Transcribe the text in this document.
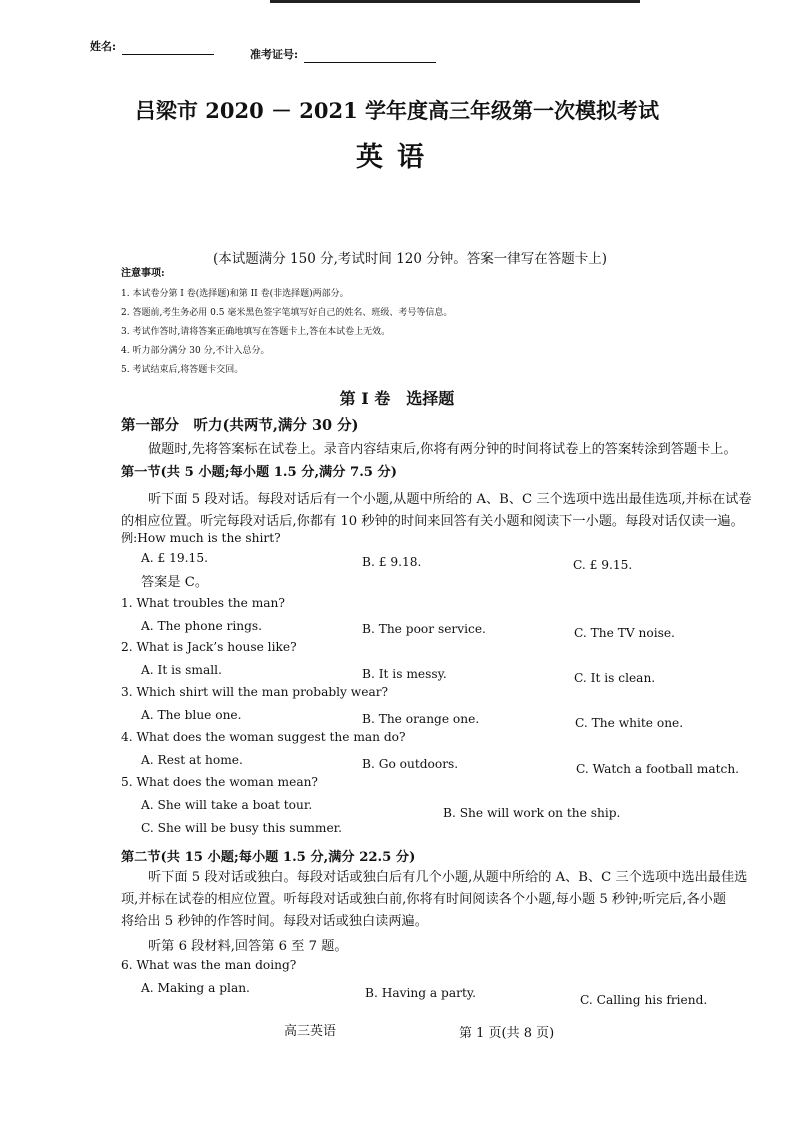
姓名:
准考证号:
吕梁市 2020 － 2021 学年度高三年级第一次模拟考试
英语
(本试题满分 150 分,考试时间 120 分钟。答案一律写在答题卡上)
注意事项:
1. 本试卷分第 I 卷(选择题)和第 II 卷(非选择题)两部分。
2. 答题前,考生务必用 0.5 毫米黑色签字笔填写好自己的姓名、班级、考号等信息。
3. 考试作答时,请将答案正确地填写在答题卡上,答在本试卷上无效。
4. 听力部分满分 30 分,不计入总分。
5. 考试结束后,将答题卡交回。
第 I 卷　选择题
第一部分　听力(共两节,满分 30 分)
做题时,先将答案标在试卷上。录音内容结束后,你将有两分钟的时间将试卷上的答案转涂到答题卡上。
第一节(共 5 小题;每小题 1.5 分,满分 7.5 分)
听下面 5 段对话。每段对话后有一个小题,从题中所给的 A、B、C 三个选项中选出最佳选项,并标在试卷
的相应位置。听完每段对话后,你都有 10 秒钟的时间来回答有关小题和阅读下一小题。每段对话仅读一遍。
例:How much is the shirt?
A. £ 19.15.	B. £ 9.18.	C. £ 9.15.
答案是 C。
1. What troubles the man?
A. The phone rings.	B. The poor service.	C. The TV noise.
2. What is Jack’s house like?
A. It is small.	B. It is messy.	C. It is clean.
3. Which shirt will the man probably wear?
A. The blue one.	B. The orange one.	C. The white one.
4. What does the woman suggest the man do?
A. Rest at home.	B. Go outdoors.	C. Watch a football match.
5. What does the woman mean?
A. She will take a boat tour.
B. She will work on the ship.
C. She will be busy this summer.
第二节(共 15 小题;每小题 1.5 分,满分 22.5 分)
听下面 5 段对话或独白。每段对话或独白后有几个小题,从题中所给的 A、B、C 三个选项中选出最佳选
项,并标在试卷的相应位置。听每段对话或独白前,你将有时间阅读各个小题,每小题 5 秒钟;听完后,各小题
将给出 5 秒钟的作答时间。每段对话或独白读两遍。
听第 6 段材料,回答第 6 至 7 题。
6. What was the man doing?
A. Making a plan.	B. Having a party.	C. Calling his friend.
高三英语	第 1 页(共 8 页)
